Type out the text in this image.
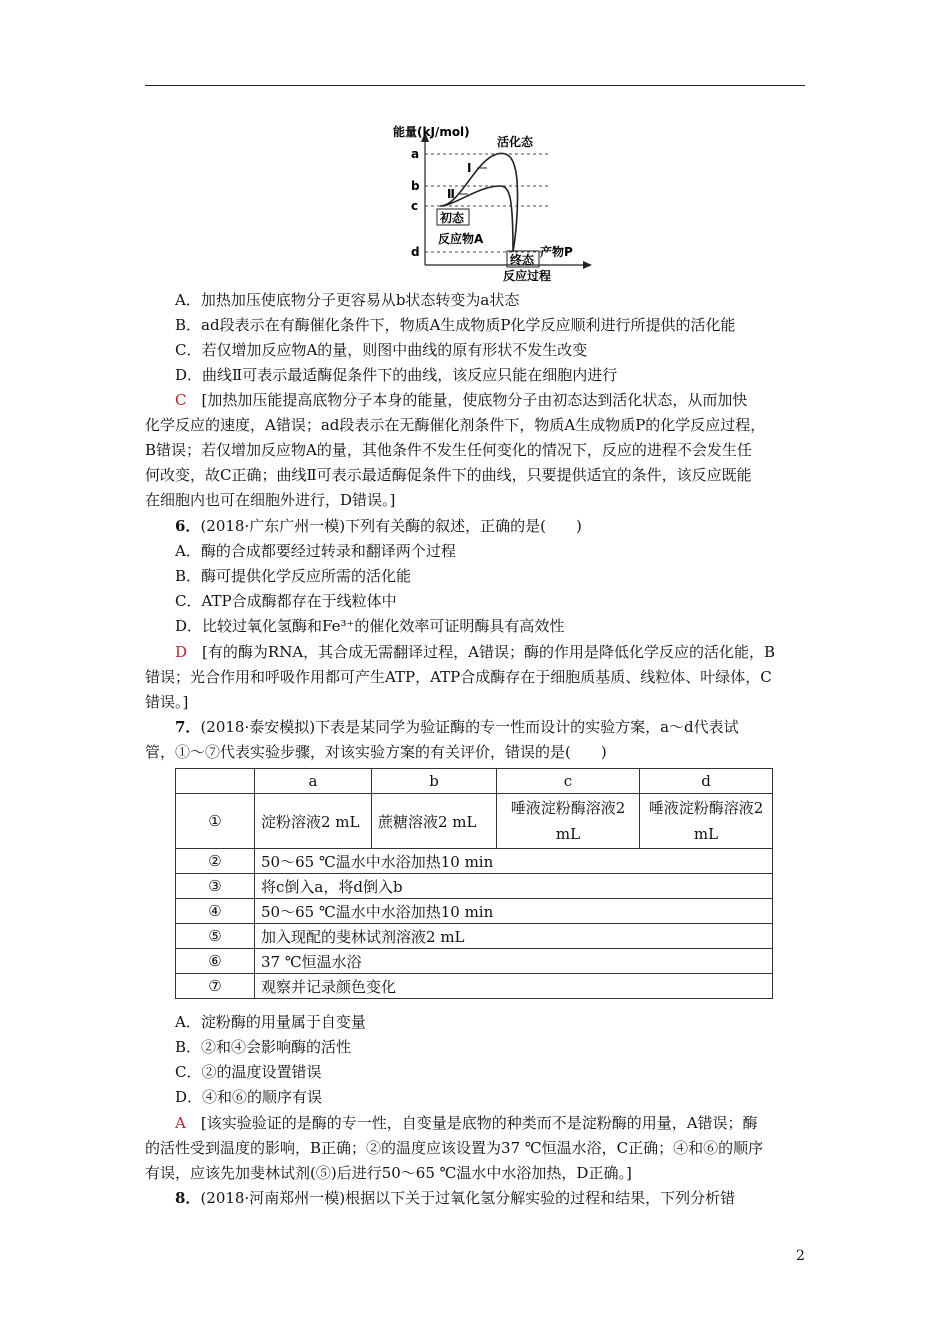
a
b
c
d
能量(kJ/mol)
活化态
Ⅰ
Ⅱ
初态
反应物A
终态
产物P
反应过程
A．加热加压使底物分子更容易从b状态转变为a状态
B．ad段表示在有酶催化条件下，物质A生成物质P化学反应顺利进行所提供的活化能
C．若仅增加反应物A的量，则图中曲线的原有形状不发生改变
D．曲线Ⅱ可表示最适酶促条件下的曲线，该反应只能在细胞内进行
C　 [加热加压能提高底物分子本身的能量，使底物分子由初态达到活化状态，从而加快
化学反应的速度，A错误；ad段表示在无酶催化剂条件下，物质A生成物质P的化学反应过程，
B错误；若仅增加反应物A的量，其他条件不发生任何变化的情况下，反应的进程不会发生任
何改变，故C正确；曲线Ⅱ可表示最适酶促条件下的曲线，只要提供适宜的条件，该反应既能
在细胞内也可在细胞外进行，D错误。]
6．(2018·广东广州一模)下列有关酶的叙述，正确的是(　　)
A．酶的合成都要经过转录和翻译两个过程
B．酶可提供化学反应所需的活化能
C．ATP合成酶都存在于线粒体中
D．比较过氧化氢酶和Fe³⁺的催化效率可证明酶具有高效性
D　 [有的酶为RNA，其合成无需翻译过程，A错误；酶的作用是降低化学反应的活化能，B
错误；光合作用和呼吸作用都可产生ATP，ATP合成酶存在于细胞质基质、线粒体、叶绿体，C
错误。]
7．(2018·泰安模拟)下表是某同学为验证酶的专一性而设计的实验方案，a～d代表试
管，①～⑦代表实验步骤，对该实验方案的有关评价，错误的是(　　)
	a	b	c	d
①	淀粉溶液2 mL	蔗糖溶液2 mL	唾液淀粉酶溶液2 mL	唾液淀粉酶溶液2 mL
②	50～65 ℃温水中水浴加热10 min			
③	将c倒入a，将d倒入b			
④	50～65 ℃温水中水浴加热10 min			
⑤	加入现配的斐林试剂溶液2 mL			
⑥	37 ℃恒温水浴			
⑦	观察并记录颜色变化			
A．淀粉酶的用量属于自变量
B．②和④会影响酶的活性
C．②的温度设置错误
D．④和⑥的顺序有误
A　 [该实验验证的是酶的专一性，自变量是底物的种类而不是淀粉酶的用量，A错误；酶
的活性受到温度的影响，B正确；②的温度应该设置为37 ℃恒温水浴，C正确；④和⑥的顺序
有误，应该先加斐林试剂(⑤)后进行50～65 ℃温水中水浴加热，D正确。]
8．(2018·河南郑州一模)根据以下关于过氧化氢分解实验的过程和结果，下列分析错
2
